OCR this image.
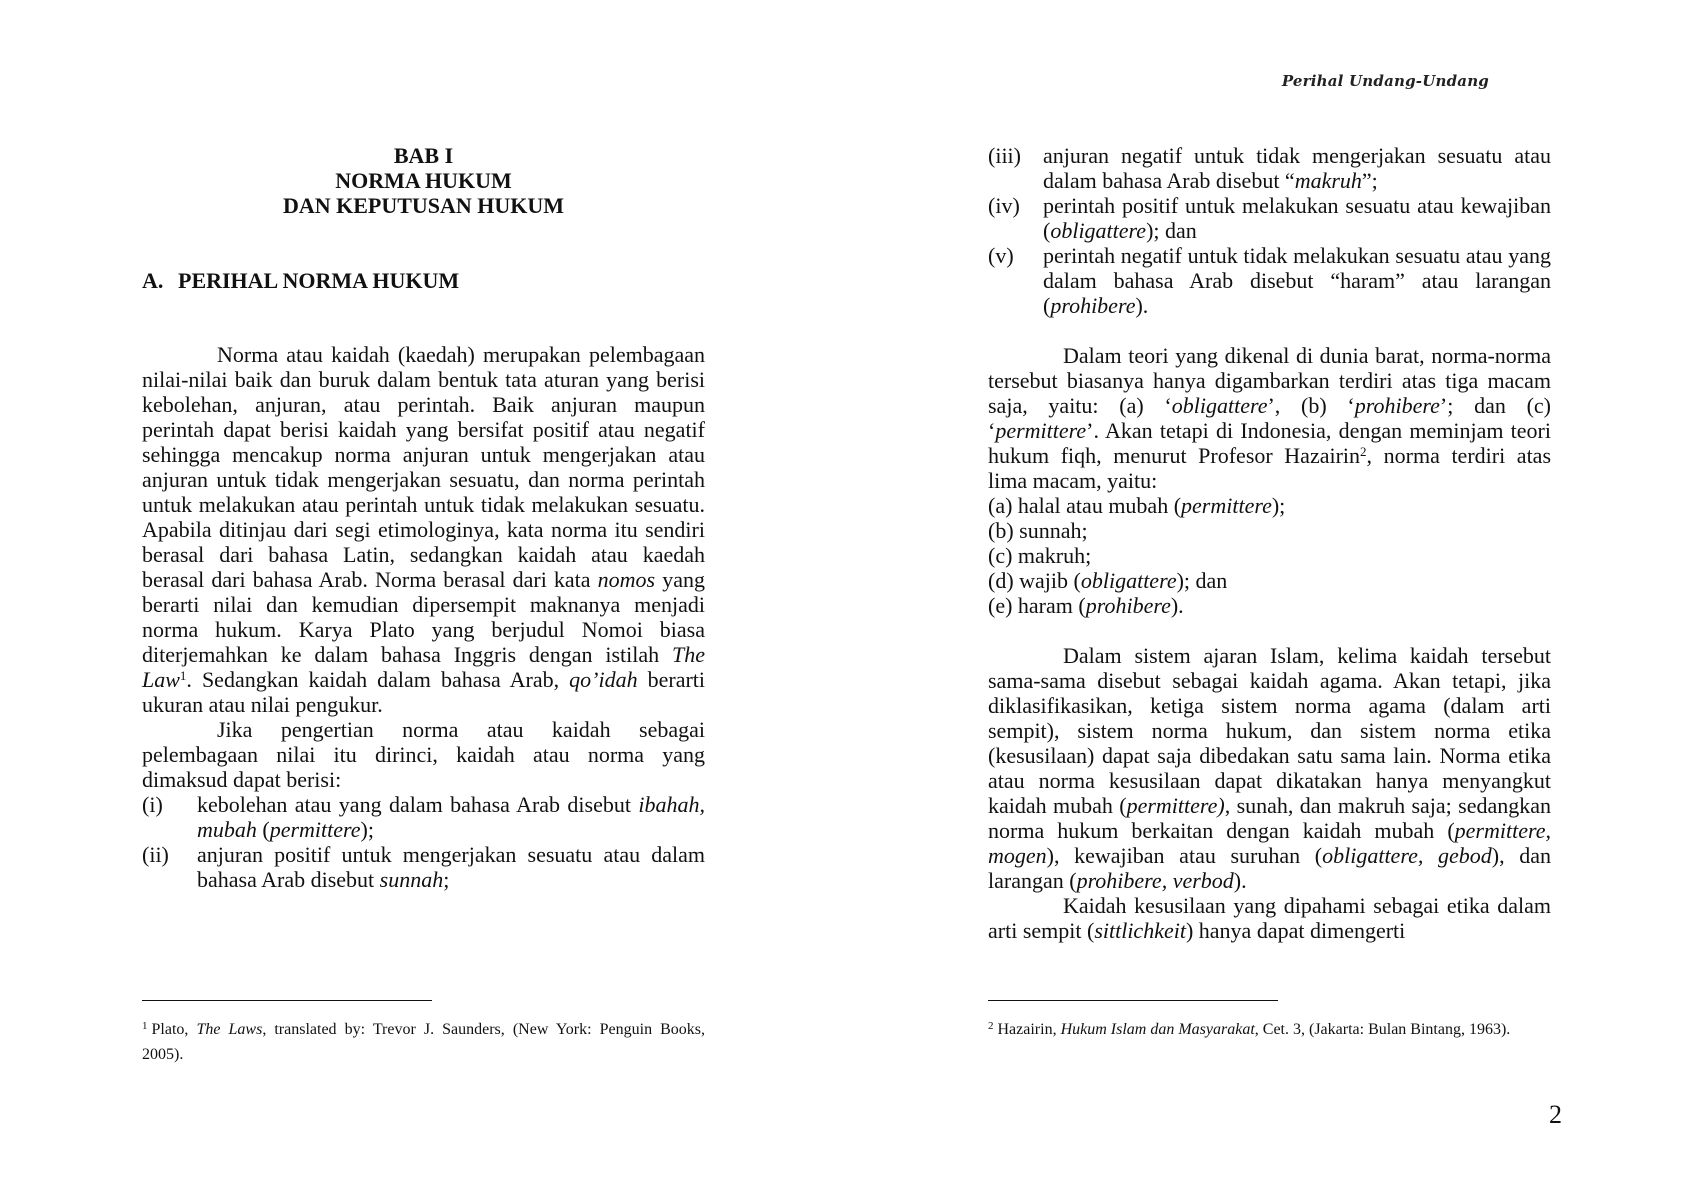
BAB I
NORMA HUKUM
DAN KEPUTUSAN HUKUM
A. PERIHAL NORMA HUKUM

Norma atau kaidah (kaedah) merupakan pelembagaan nilai-nilai baik dan buruk dalam bentuk tata aturan yang berisi kebolehan, anjuran, atau perintah. Baik anjuran maupun perintah dapat berisi kaidah yang bersifat positif atau negatif sehingga mencakup norma anjuran untuk mengerjakan atau anjuran untuk tidak mengerjakan sesuatu, dan norma perintah untuk melakukan atau perintah untuk tidak melakukan sesuatu. Apabila ditinjau dari segi etimologinya, kata norma itu sendiri berasal dari bahasa Latin, sedangkan kaidah atau kaedah berasal dari bahasa Arab. Norma berasal dari kata nomos yang berarti nilai dan kemudian dipersempit maknanya menjadi norma hukum. Karya Plato yang berjudul Nomoi biasa diterjemahkan ke dalam bahasa Inggris dengan istilah The Law$^1$. Sedangkan kaidah dalam bahasa Arab, qo’idah berarti ukuran atau nilai pengukur.

Jika pengertian norma atau kaidah sebagai pelembagaan nilai itu dirinci, kaidah atau norma yang dimaksud dapat berisi:

(i)	kebolehan atau yang dalam bahasa Arab disebut ibahah, mubah (permittere);
(ii)	anjuran positif untuk mengerjakan sesuatu atau dalam bahasa Arab disebut sunnah;
$^1$ Plato, The Laws, translated by: Trevor J. Saunders, (New York: Penguin Books, 2005).
Perihal Undang-Undang
(iii)	anjuran negatif untuk tidak mengerjakan sesuatu atau dalam bahasa Arab disebut “makruh”;
(iv)	perintah positif untuk melakukan sesuatu atau kewajiban (obligattere); dan
(v)	perintah negatif untuk tidak melakukan sesuatu atau yang dalam bahasa Arab disebut “haram” atau larangan (prohibere).

Dalam teori yang dikenal di dunia barat, norma-norma tersebut biasanya hanya digambarkan terdiri atas tiga macam saja, yaitu: (a) ‘obligattere’, (b) ‘prohibere’; dan (c) ‘permittere’. Akan tetapi di Indonesia, dengan meminjam teori hukum fiqh, menurut Profesor Hazairin$^2$, norma terdiri atas lima macam, yaitu:

(a) halal atau mubah (permittere);
(b) sunnah;
(c) makruh;
(d) wajib (obligattere); dan
(e) haram (prohibere).

Dalam sistem ajaran Islam, kelima kaidah tersebut sama-sama disebut sebagai kaidah agama. Akan tetapi, jika diklasifikasikan, ketiga sistem norma agama (dalam arti sempit), sistem norma hukum, dan sistem norma etika (kesusilaan) dapat saja dibedakan satu sama lain. Norma etika atau norma kesusilaan dapat dikatakan hanya menyangkut kaidah mubah (permittere), sunah, dan makruh saja; sedangkan norma hukum berkaitan dengan kaidah mubah (permittere, mogen), kewajiban atau suruhan (obligattere, gebod), dan larangan (prohibere, verbod).

Kaidah kesusilaan yang dipahami sebagai etika dalam arti sempit (sittlichkeit) hanya dapat dimengerti

$^2$ Hazairin, Hukum Islam dan Masyarakat, Cet. 3, (Jakarta: Bulan Bintang, 1963).
2
